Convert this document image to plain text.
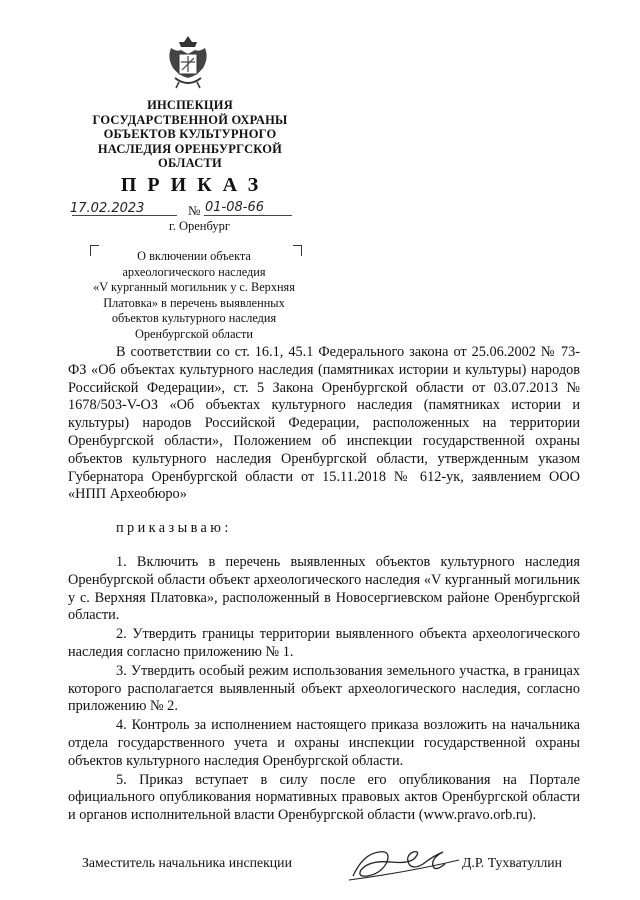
ИНСПЕКЦИЯ
ГОСУДАРСТВЕННОЙ ОХРАНЫ
ОБЪЕКТОВ КУЛЬТУРНОГО
НАСЛЕДИЯ ОРЕНБУРГСКОЙ
ОБЛАСТИ
ПРИКАЗ
17.02.2023	№ 01-08-66
г. Оренбург
О включении объекта
археологического наследия
«V курганный могильник у с. Верхняя
Платовка» в перечень выявленных
объектов культурного наследия
Оренбургской области

В соответствии со ст. 16.1, 45.1 Федерального закона от 25.06.2002 № 73-ФЗ «Об объектах культурного наследия (памятниках истории и культуры) народов Российской Федерации», ст. 5 Закона Оренбургской области от 03.07.2013 № 1678/503-V-ОЗ «Об объектах культурного наследия (памятниках истории и культуры) народов Российской Федерации, расположенных на территории Оренбургской области», Положением об инспекции государственной охраны объектов культурного наследия Оренбургской области, утвержденным указом Губернатора Оренбургской области от 15.11.2018 № 612-ук, заявлением ООО «НПП Археобюро»

приказываю:

1. Включить в перечень выявленных объектов культурного наследия Оренбургской области объект археологического наследия «V курганный могильник у с. Верхняя Платовка», расположенный в Новосергиевском районе Оренбургской области.

2. Утвердить границы территории выявленного объекта археологического наследия согласно приложению № 1.

3. Утвердить особый режим использования земельного участка, в границах которого располагается выявленный объект археологического наследия, согласно приложению № 2.

4. Контроль за исполнением настоящего приказа возложить на начальника отдела государственного учета и охраны инспекции государственной охраны объектов культурного наследия Оренбургской области.

5. Приказ вступает в силу после его опубликования на Портале официального опубликования нормативных правовых актов Оренбургской области и органов исполнительной власти Оренбургской области (www.pravo.orb.ru).

Заместитель начальника инспекции	Д.Р. Тухватуллин
